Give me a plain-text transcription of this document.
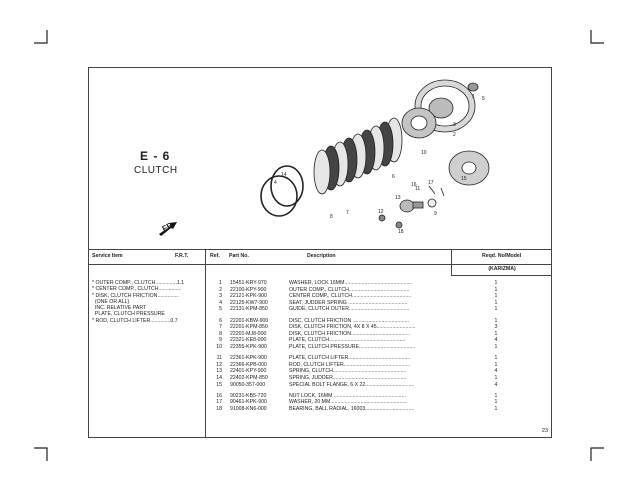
E - 6
CLUTCH
1
2
3
4
5
6
7
8	9
10
11
12
13
14
15
16 17
18
FR.
Service Item	F.R.T.	Ref. Part No.	Description	Reqd. No/Model
(KARIZMA)
* OUTER COMP., CLUTCH...............1.1
* CENTER COMP., CLUTCH................
* DISK, CLUTCH FRICTION...............
(ONE OR ALL)
INC. RELATIVE PART
PLATE, CLUTCH PRESSURE
* ROD, CLUTCH LIFTER..............0.7
1 15451-KRY-970	WASHER, LOCK 16MM...............................................	1
2 22100-KPY-900	OUTER COMP., CLUTCH..........................................	1
3 22121-KPK-900	CENTER COMP., CLUTCH.........................................	1
4 22125-KW7-900	SEAT, JUDDER SPRING .........................................	1
5 22131-KPM-850	GUIDE, CLUTCH OUTER..........................................	1
6 22201-KBW-900	DISC, CLUTCH FRICTION .......................................	1
7 22201-KPM-850	DISK, CLUTCH FRICTION, 4X 8 X 45...........................	3
8 22201-MJ8-000	DISK, CLUTCH FRICTION.........................................	1
9 22321-KE8-000	PLATE, CLUTCH.....................................................	4
10 22355-KPK-900	PLATE, CLUTCH PRESSURE.......................................	1
11 22361-KPK-900	PLATE, CLUTCH LIFTER...........................................	1
12 22366-KPB-000	ROD, CLUTCH LIFTER..............................................	1
13 22401-KPY-900	SPRING, CLUTCH...................................................	4
14 22402-KPM-850	SPRING, JUDDER...................................................	1
15 90050-357-000	SPECIAL BOLT FLANGE, 6 X 22..................................	4
16 90231-KB5-720	NUT LOCK, 16MM ..................................................	1
17 90461-KPK-900	WASHER, 20 MM.....................................................	1
18 91008-KN6-000	BEARING, BALL RADIAL, 16003..................................	1
23
